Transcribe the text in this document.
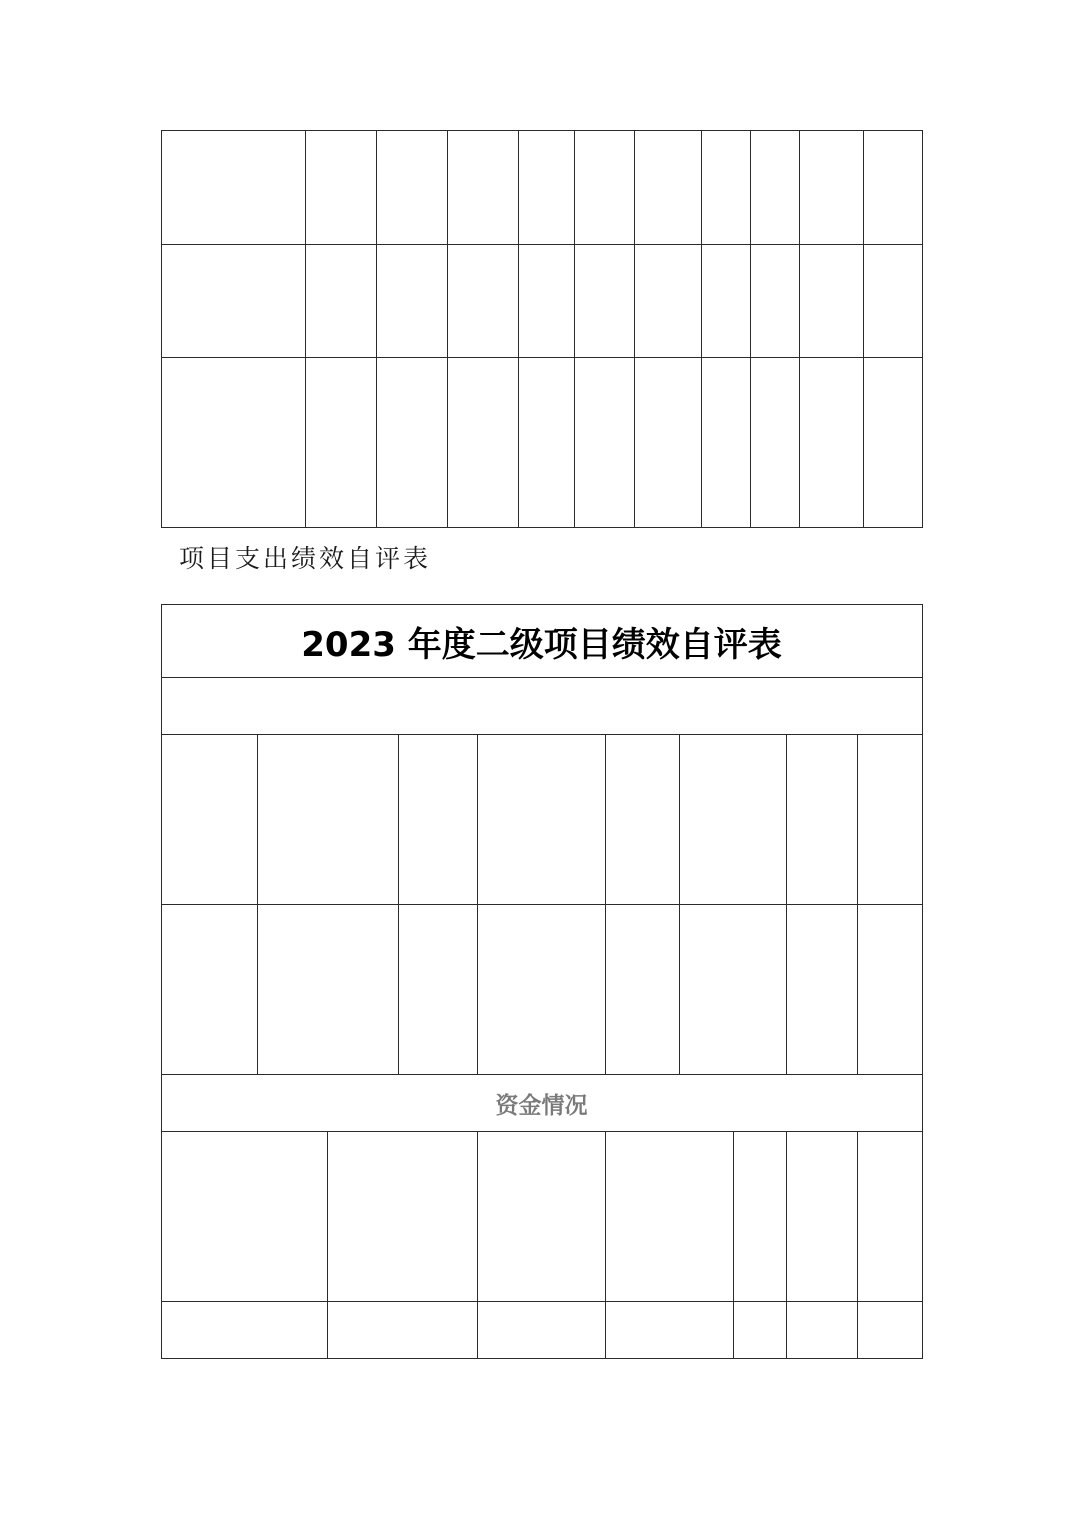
项目支出绩效自评表
2023 年度二级项目绩效自评表
资金情况
